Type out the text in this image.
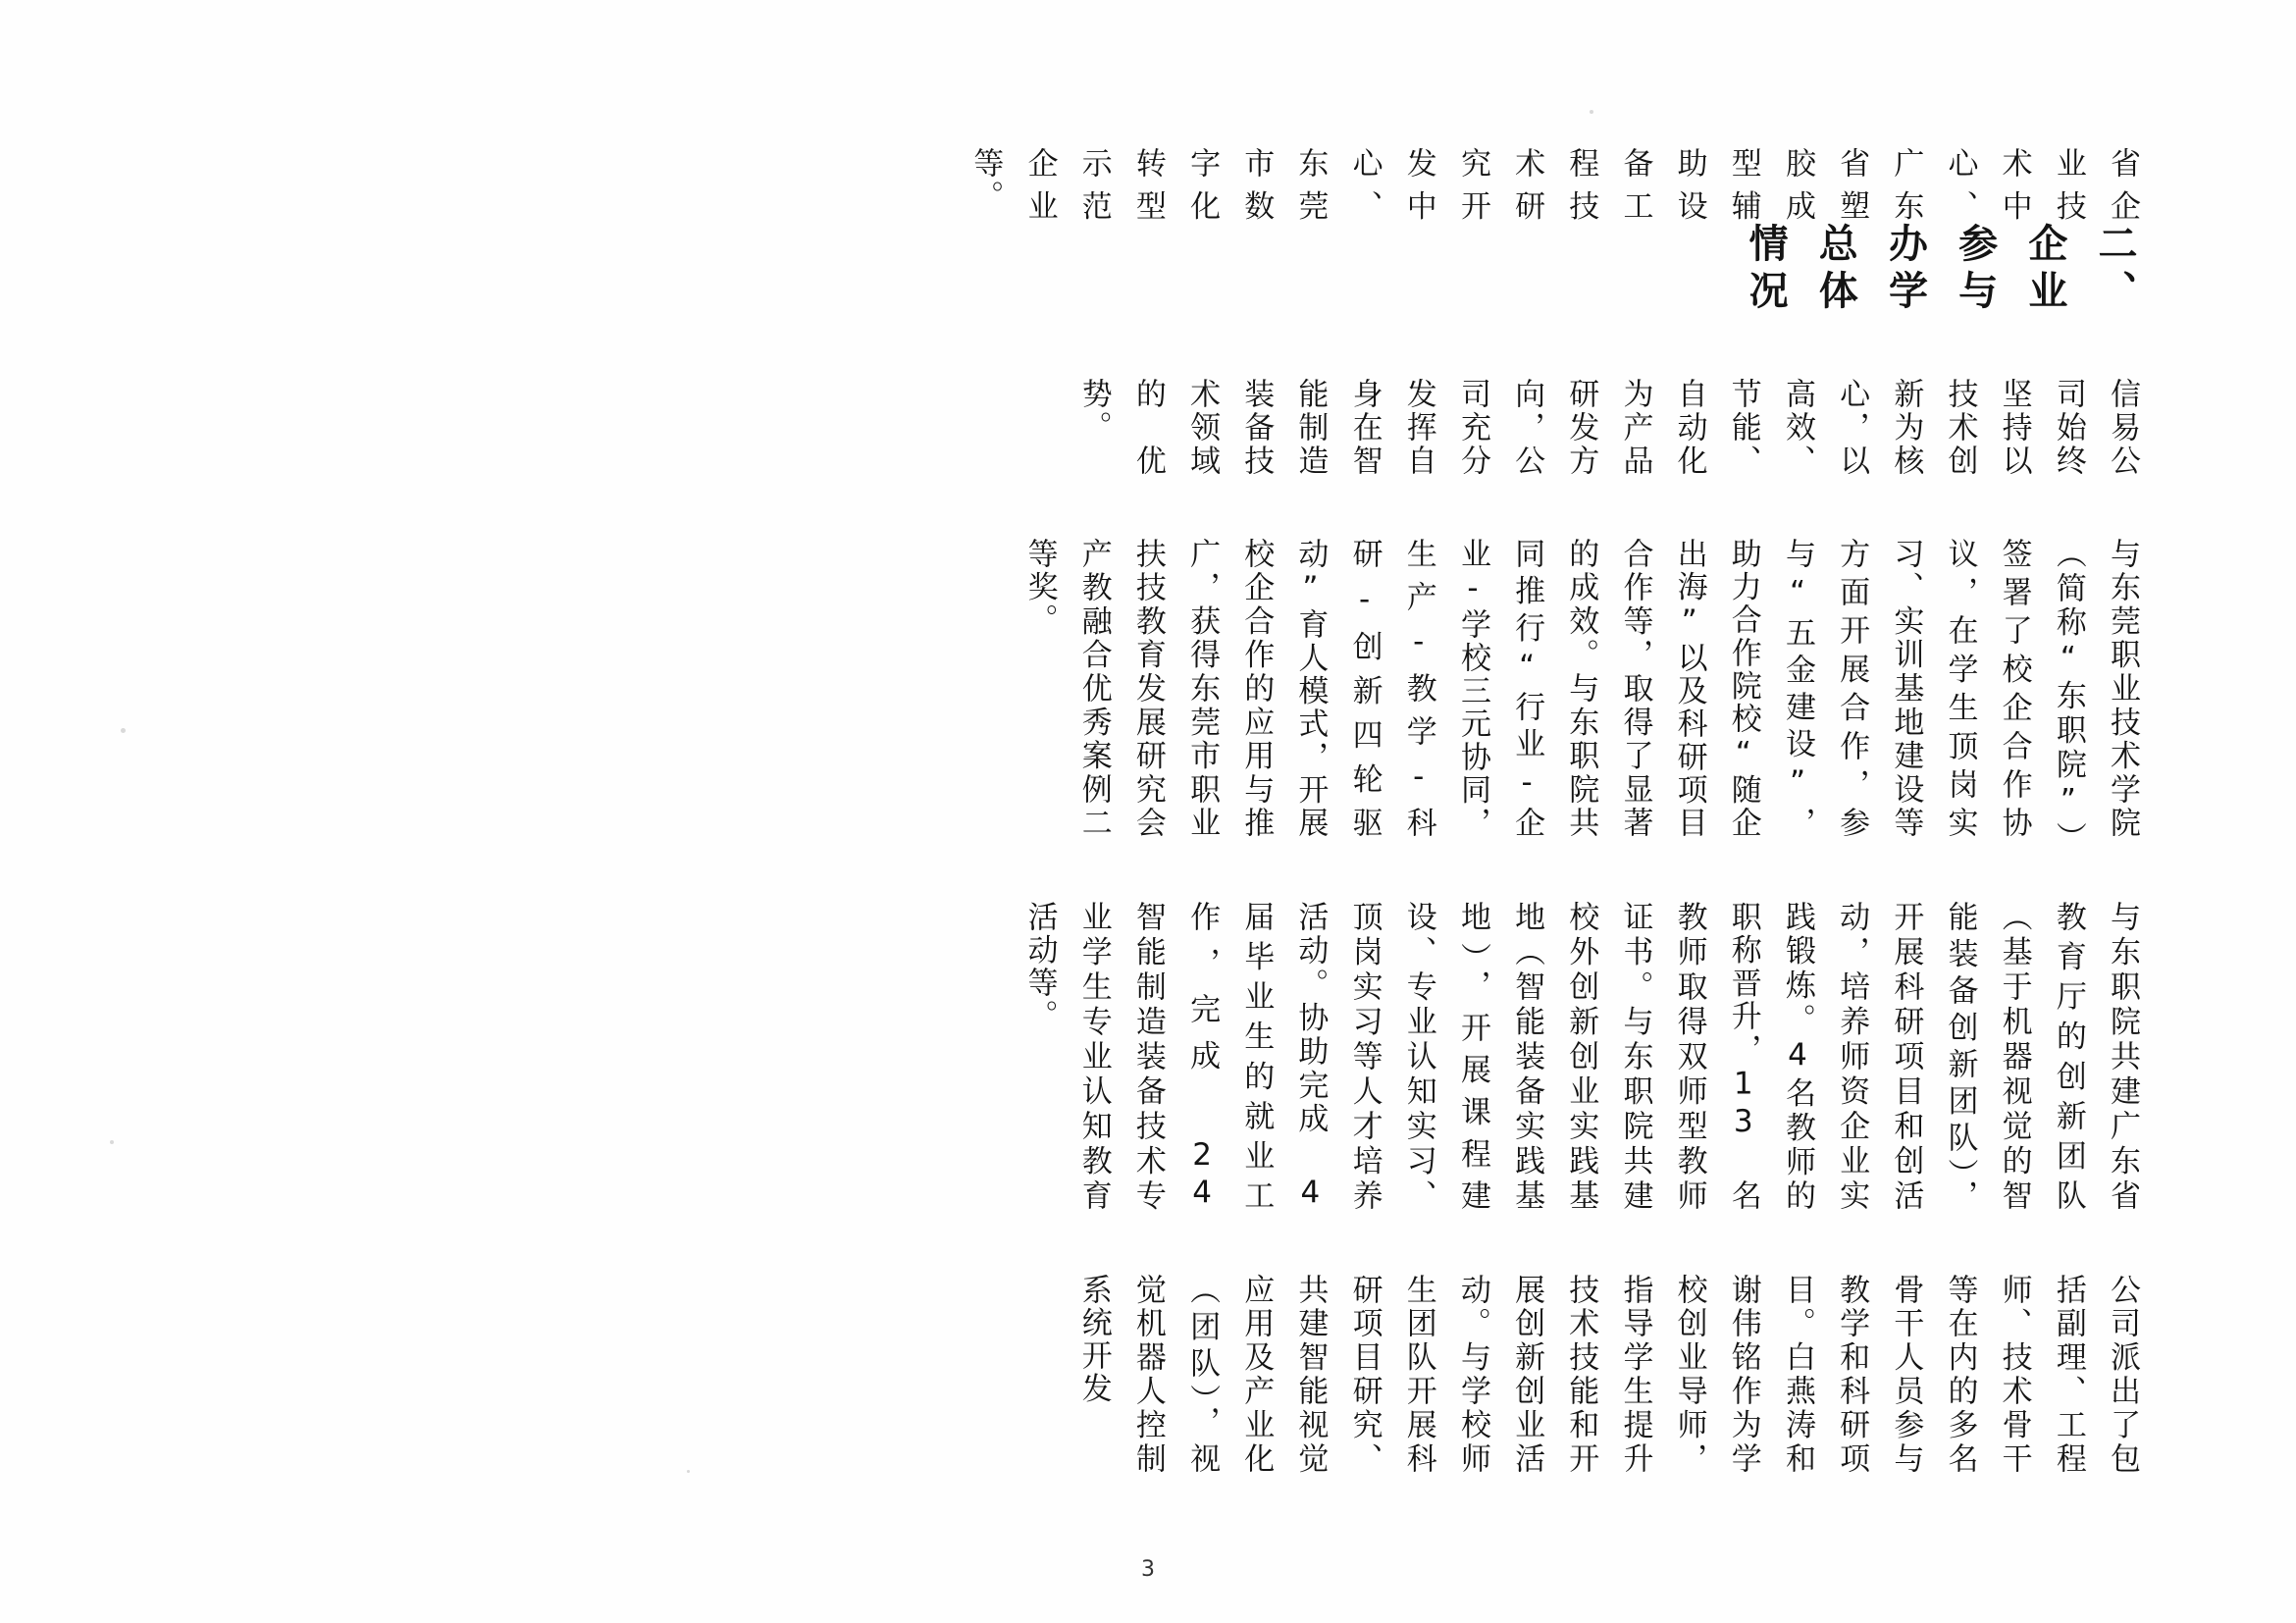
省企业技术中心、广东省塑胶成型辅助设备工程技术研究开发中心、东莞市数字化转型示范企业等。

二、企业参与办学总体情况

信易公司始终坚持以技术创新为核心，以高效、节能、自动化为产品研发方向，公司充分发挥自身在智能制造装备技术领域的优势。

与东莞职业技术学院（简称“东职院”）签署了校企合作协议，在学生顶岗实习、实训基地建设等方面开展合作，参与“五金建设”，助力合作院校“随企出海”以及科研项目合作等，取得了显著的成效。与东职院共同推行“行业-企业-学校三元协同，生产-教学-科研-创新四轮驱动”育人模式，开展校企合作的应用与推广，获得东莞市职业扶技教育发展研究会产教融合优秀案例二等奖。

与东职院共建广东省教育厅的创新团队（基于机器视觉的智能装备创新团队），开展科研项目和创活动，培养师资企业实践锻炼。4名教师的职称晋升，13 名教师取得双师型教师证书。与东职院共建校外创新创业实践基地（智能装备实践基地），开展课程建设、专业认知实习、顶岗实习等人才培养活动。协助完成 4 届毕业生的就业工作，完成 24 智能制造装备技术专业学生专业认知教育活动等。

公司派出了包括副理、工程师、技术骨干等在内的多名骨干人员参与教学和科研项目。白燕涛和谢伟铭作为学校创业导师，指导学生提升技术技能和开展创新创业活动。与学校师生团队开展科研项目研究、共建智能视觉应用及产业化（团队），视觉机器人控制系统开发

3
